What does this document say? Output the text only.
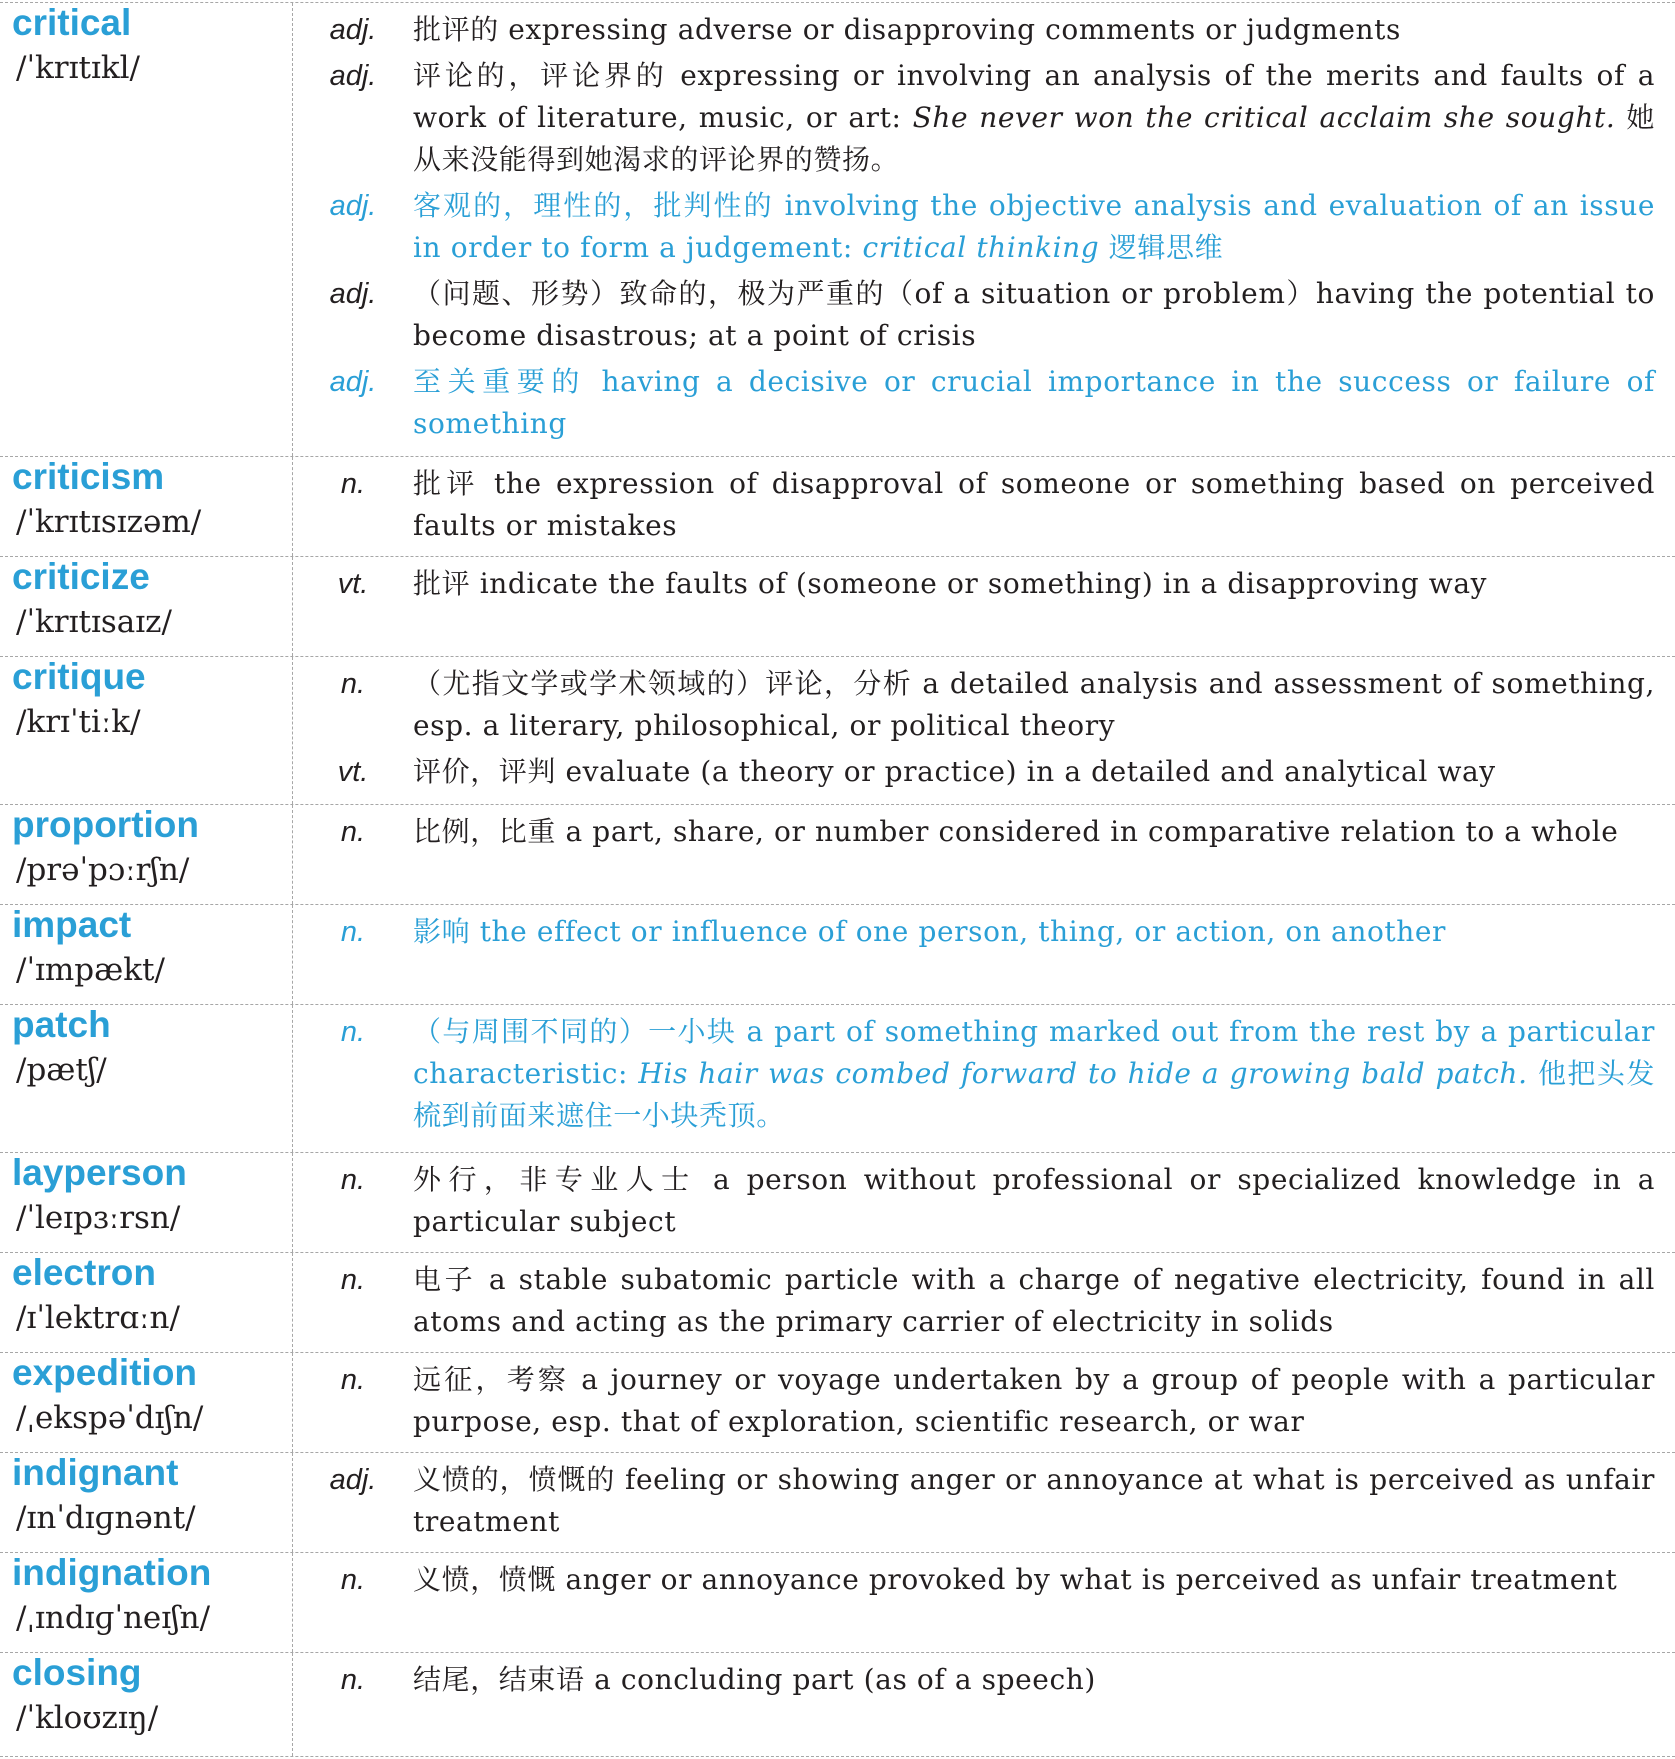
critical
/ˈkrɪtɪkl/
adj.	批评的 expressing adverse or disapproving comments or judgments
adj.	评论的，评论界的 expressing or involving an analysis of the merits and faults of a work of literature, music, or art: She never won the critical acclaim she sought. 她从来没能得到她渴求的评论界的赞扬。
adj.	客观的，理性的，批判性的 involving the objective analysis and evaluation of an issue in order to form a judgement: critical thinking 逻辑思维
adj.	（问题、形势）致命的，极为严重的（of a situation or problem）having the potential to become disastrous; at a point of crisis
adj.	至关重要的 having a decisive or crucial importance in the success or failure of something
criticism
/ˈkrɪtɪsɪzəm/
n.	批评 the expression of disapproval of someone or something based on perceived faults or mistakes
criticize
/ˈkrɪtɪsaɪz/
vt.	批评 indicate the faults of (someone or something) in a disapproving way
critique
/krɪˈtiːk/
n.	（尤指文学或学术领域的）评论，分析 a detailed analysis and assessment of something, esp. a literary, philosophical, or political theory
vt.	评价，评判 evaluate (a theory or practice) in a detailed and analytical way
proportion
/prəˈpɔːrʃn/
n.	比例，比重 a part, share, or number considered in comparative relation to a whole
impact
/ˈɪmpækt/
n.	影响 the effect or influence of one person, thing, or action, on another
patch
/pætʃ/
n.	（与周围不同的）一小块 a part of something marked out from the rest by a particular characteristic: His hair was combed forward to hide a growing bald patch. 他把头发梳到前面来遮住一小块秃顶。
layperson
/ˈleɪpɜːrsn/
n.	外行，非专业人士 a person without professional or specialized knowledge in a particular subject
electron
/ɪˈlektrɑːn/
n.	电子 a stable subatomic particle with a charge of negative electricity, found in all atoms and acting as the primary carrier of electricity in solids
expedition
/ˌekspəˈdɪʃn/
n.	远征，考察 a journey or voyage undertaken by a group of people with a particular purpose, esp. that of exploration, scientific research, or war
indignant
/ɪnˈdɪɡnənt/
adj.	义愤的，愤慨的 feeling or showing anger or annoyance at what is perceived as unfair treatment
indignation
/ˌɪndɪɡˈneɪʃn/
n.	义愤，愤慨 anger or annoyance provoked by what is perceived as unfair treatment
closing
/ˈkloʊzɪŋ/
n.	结尾，结束语 a concluding part (as of a speech)
